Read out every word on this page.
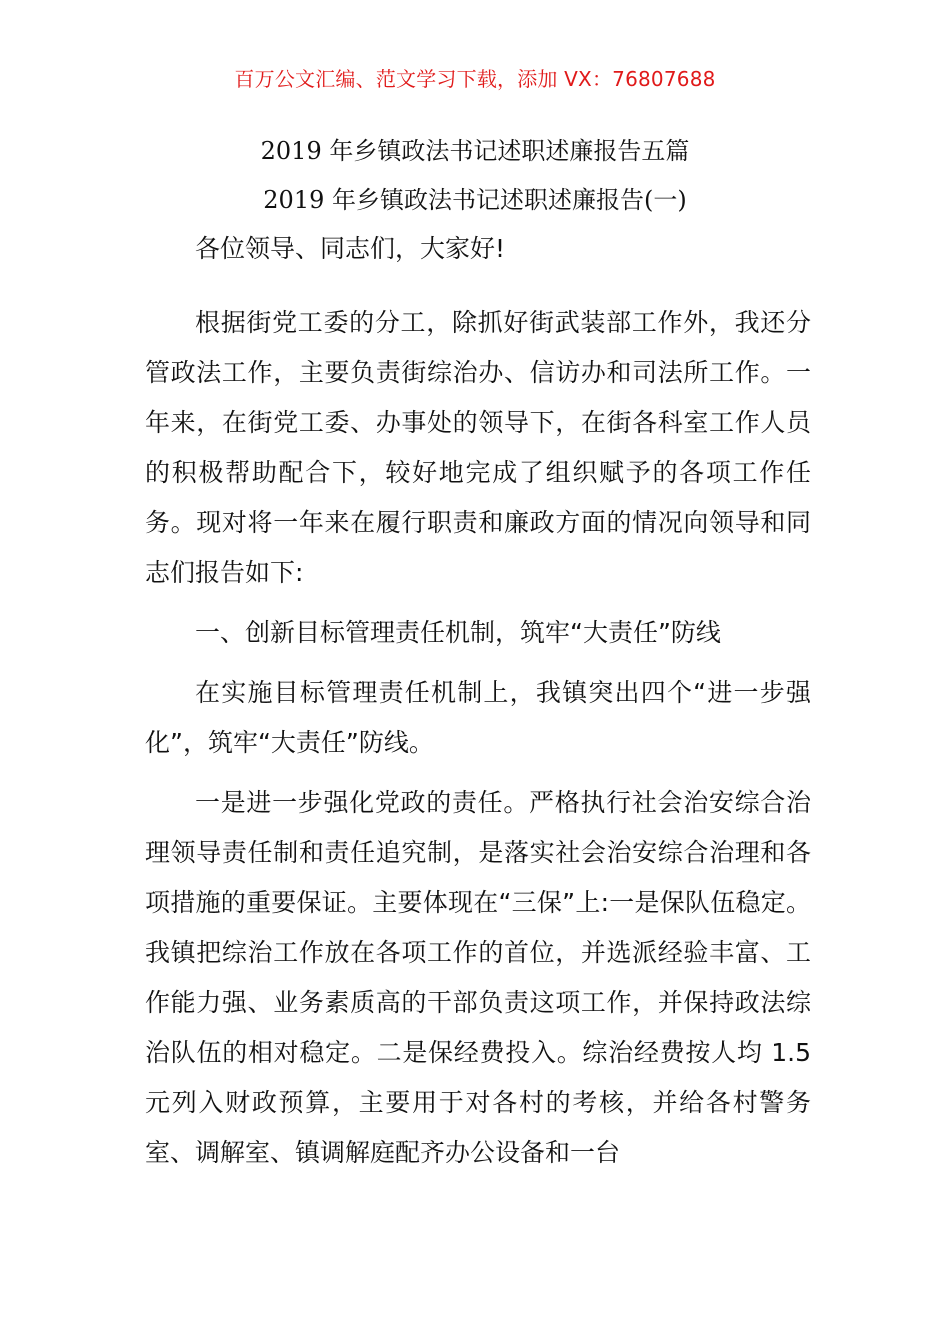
百万公文汇编、范文学习下载，添加 VX：76807688
2019 年乡镇政法书记述职述廉报告五篇
2019 年乡镇政法书记述职述廉报告(一)

各位领导、同志们，大家好!

根据街党工委的分工，除抓好街武装部工作外，我还分管政法工作，主要负责街综治办、信访办和司法所工作。一年来，在街党工委、办事处的领导下，在街各科室工作人员的积极帮助配合下，较好地完成了组织赋予的各项工作任务。现对将一年来在履行职责和廉政方面的情况向领导和同志们报告如下:

一、创新目标管理责任机制，筑牢“大责任”防线

在实施目标管理责任机制上，我镇突出四个“进一步强化”，筑牢“大责任”防线。

一是进一步强化党政的责任。严格执行社会治安综合治理领导责任制和责任追究制，是落实社会治安综合治理和各项措施的重要保证。主要体现在“三保”上:一是保队伍稳定。我镇把综治工作放在各项工作的首位，并选派经验丰富、工作能力强、业务素质高的干部负责这项工作，并保持政法综治队伍的相对稳定。二是保经费投入。综治经费按人均 1.5 元列入财政预算，主要用于对各村的考核，并给各村警务室、调解室、镇调解庭配齐办公设备和一台
